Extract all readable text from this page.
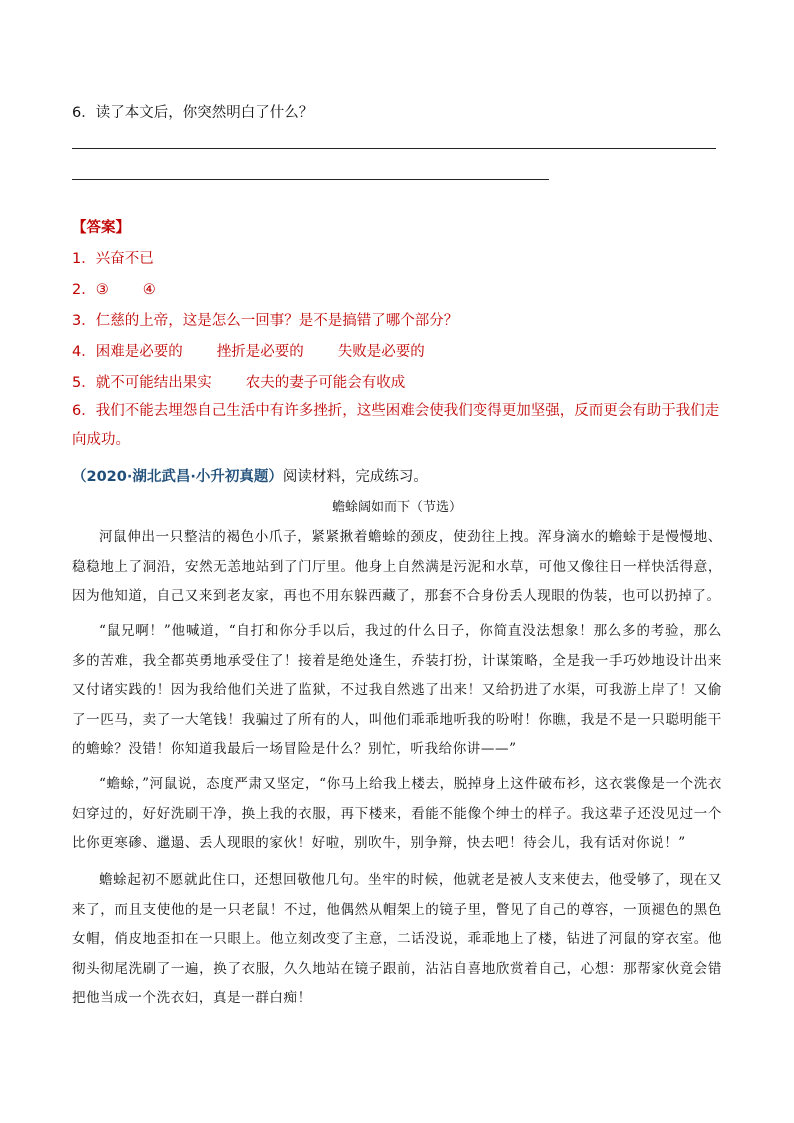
6．读了本文后，你突然明白了什么？
【答案】
1．兴奋不已
2．③ ④
3．仁慈的上帝，这是怎么一回事？是不是搞错了哪个部分？
4．困难是必要的 挫折是必要的 失败是必要的
5．就不可能结出果实 农夫的妻子可能会有收成
6．我们不能去埋怨自己生活中有许多挫折，这些困难会使我们变得更加坚强，反而更会有助于我们走向成功。
（2020·湖北武昌·小升初真题）阅读材料，完成练习。
蟾蜍阔如而下（节选）
河鼠伸出一只整洁的褐色小爪子，紧紧揪着蟾蜍的颈皮，使劲往上拽。浑身滴水的蟾蜍于是慢慢地、稳稳地上了洞沿，安然无恙地站到了门厅里。他身上自然满是污泥和水草，可他又像往日一样快活得意，因为他知道，自己又来到老友家，再也不用东躲西藏了，那套不合身份丢人现眼的伪装，也可以扔掉了。
“鼠兄啊！”他喊道，“自打和你分手以后，我过的什么日子，你简直没法想象！那么多的考验，那么多的苦难，我全都英勇地承受住了！接着是绝处逢生，乔装打扮，计谋策略，全是我一手巧妙地设计出来又付诸实践的！因为我给他们关进了监狱，不过我自然逃了出来！又给扔进了水渠，可我游上岸了！又偷了一匹马，卖了一大笔钱！我骗过了所有的人，叫他们乖乖地听我的吩咐！你瞧，我是不是一只聪明能干的蟾蜍？没错！你知道我最后一场冒险是什么？别忙，听我给你讲——”
“蟾蜍，”河鼠说，态度严肃又坚定，“你马上给我上楼去，脱掉身上这件破布衫，这衣裳像是一个洗衣妇穿过的，好好洗刷干净，换上我的衣服，再下楼来，看能不能像个绅士的样子。我这辈子还没见过一个比你更寒碜、邋遢、丢人现眼的家伙！好啦，别吹牛，别争辩，快去吧！待会儿，我有话对你说！”
蟾蜍起初不愿就此住口，还想回敬他几句。坐牢的时候，他就老是被人支来使去，他受够了，现在又来了，而且支使他的是一只老鼠！不过，他偶然从帽架上的镜子里，瞥见了自己的尊容，一顶褪色的黑色女帽，俏皮地歪扣在一只眼上。他立刻改变了主意，二话没说，乖乖地上了楼，钻进了河鼠的穿衣室。他彻头彻尾洗刷了一遍，换了衣服，久久地站在镜子跟前，沾沾自喜地欣赏着自己，心想：那帮家伙竟会错把他当成一个洗衣妇，真是一群白痴！
